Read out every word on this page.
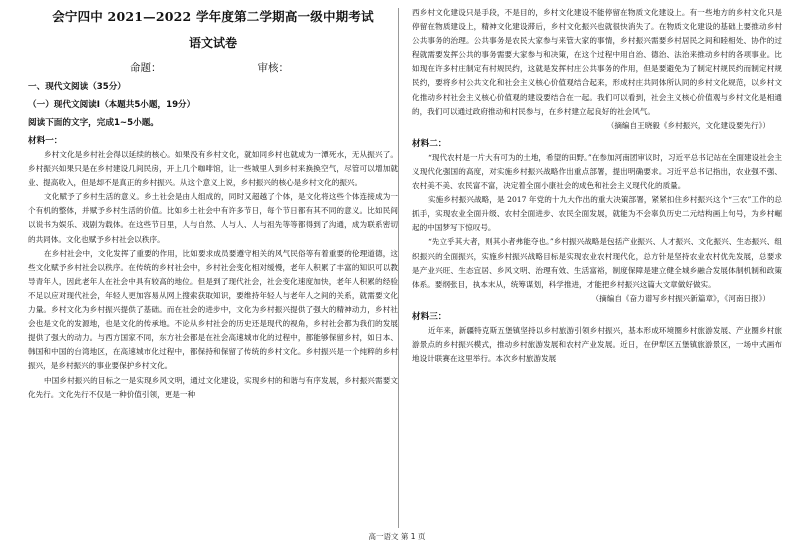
会宁四中 2021—2022 学年度第二学期高一级中期考试
语文试卷
命题：	审核：
一、现代文阅读（35分）
（一）现代文阅读Ⅰ（本题共5小题，19分）
阅读下面的文字，完成1~5小题。
材料一：

乡村文化是乡村社会得以延续的核心。如果没有乡村文化，就如同乡村也就成为一潭死水，无从振兴了。乡村振兴如果只是在乡村建设几间民房，开上几个咖啡馆，让一些城里人到乡村来换换空气，尽管可以增加就业、提高收入，但是却不是真正的乡村振兴。从这个意义上说，乡村振兴的核心是乡村文化的振兴。

文化赋予了乡村生活的意义。乡土社会是由人组成的，同时又超越了个体，是文化将这些个体连接成为一个有机的整体，并赋予乡村生活的价值。比如乡土社会中有许多节日，每个节日都有其不同的意义。比如民间以说书为娱乐、戏剧为载体。在这些节日里，人与自然、人与人、人与祖先等等都得到了沟通，成为联系密切的共同体。文化也赋予乡村社会以秩序。

在乡村社会中，文化发挥了重要的作用，比如要求成员要遵守相关的风气民俗等有着重要的伦理道德，这些文化赋予乡村社会以秩序。在传统的乡村社会中，乡村社会变化相对缓慢，老年人积累了丰富的知识可以教导青年人，因此老年人在社会中具有较高的地位。但是到了现代社会，社会变化速度加快，老年人积累的经验不足以应对现代社会，年轻人更加容易从网上搜索获取知识，要维持年轻人与老年人之间的关系，就需要文化力量。乡村文化为乡村振兴提供了基础。而在社会的进步中，文化为乡村振兴提供了强大的精神动力，乡村社会也是文化的发源地，也是文化的传承地。不论从乡村社会的历史还是现代的视角，乡村社会都为我们的发展提供了强大的动力。与西方国家不同，东方社会都是在社会高速城市化的过程中，都能够保留乡村，如日本、韩国和中国的台湾地区，在高速城市化过程中，都保持和保留了传统的乡村文化。乡村振兴是一个纯粹的乡村振兴，是乡村振兴的事业要保护乡村文化。

中国乡村振兴的目标之一是实现乡风文明，通过文化建设，实现乡村的和谐与有序发展，乡村振兴需要文化先行。文化先行不仅是一种价值引领，更是一种

西乡村文化建设只是手段，不是目的，乡村文化建设不能停留在物质文化建设上。有一些地方的乡村文化只是停留在物质建设上，精神文化建设滞后，乡村文化振兴也就很快消失了。在物质文化建设的基础上要推动乡村公共事务的治理。公共事务是农民大家参与来管大家的事情，乡村振兴需要乡村居民之间和睦相处、协作的过程就需要发挥公共的事务需要大家参与和决策，在这个过程中用自治、德治、法治来推动乡村的各项事业。比如现在许多村庄制定有村规民约，这就是发挥村庄公共事务的作用，但是要避免为了制定村规民约而制定村规民约，要将乡村公共文化和社会主义核心价值观结合起来，形成村庄共同体所认同的乡村文化规范，以乡村文化推动乡村社会主义核心价值观的建设要结合在一起。我们可以看到，社会主义核心价值观与乡村文化是相通的，我们可以通过政府推动和村民参与，在乡村建立起良好的社会风气。

（摘编自王晓毅《乡村振兴，文化建设要先行》）

材料二：

“现代农村是一片大有可为的土地，希望的田野。”在参加河南团审议时，习近平总书记站在全面建设社会主义现代化强国的高度，对实施乡村振兴战略作出重点部署，提出明确要求。习近平总书记指出，农业强不强、农村美不美、农民富不富，决定着全面小康社会的成色和社会主义现代化的质量。

实施乡村振兴战略，是 2017 年党的十九大作出的重大决策部署，紧紧扣住乡村振兴这个“三农”工作的总抓手，实现农业全面升级、农村全面进步、农民全面发展，就能为不会辜负历史二元结构画上句号，为乡村崛起的中国梦写下惊叹号。

“先立乎其大者，则其小者弗能夺也。”乡村振兴战略是包括产业振兴、人才振兴、文化振兴、生态振兴、组织振兴的全面振兴，实施乡村振兴战略目标是实现农业农村现代化，总方针是坚持农业农村优先发展，总要求是产业兴旺、生态宜居、乡风文明、治理有效、生活富裕，制度保障是建立健全城乡融合发展体制机制和政策体系。要纲张目，执本末从，统筹谋划，科学推进，才能把乡村振兴这篇大文章做好做实。

（摘编自《奋力谱写乡村振兴新篇章》，《河南日报》）

材料三：

近年来，新疆特克斯五堡镇坚持以乡村旅游引领乡村振兴，基本形成环境圈乡村旅游发展、产业圈乡村旅游景点的乡村振兴模式，推动乡村旅游发展和农村产业发展。近日，在伊犁区五堡镇旅游景区，一场中式画布地设计联赛在这里举行。本次乡村旅游发展

高一语文 第 1 页
